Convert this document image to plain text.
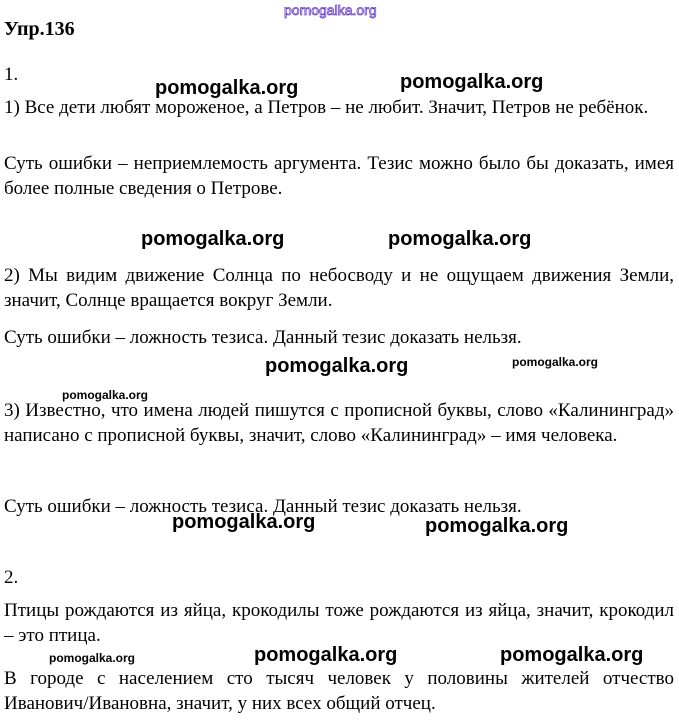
Упр.136
1.

1) Все дети любят мороженое, а Петров – не любит. Значит, Петров не ребёнок.

Суть ошибки – неприемлемость аргумента. Тезис можно было бы доказать, имея более полные сведения о Петрове.

2) Мы видим движение Солнца по небосводу и не ощущаем движения Земли, значит, Солнце вращается вокруг Земли.

Суть ошибки – ложность тезиса. Данный тезис доказать нельзя.

3) Известно, что имена людей пишутся с прописной буквы, слово «Калининград» написано с прописной буквы, значит, слово «Калининград» – имя человека.

Суть ошибки – ложность тезиса. Данный тезис доказать нельзя.

2.

Птицы рождаются из яйца, крокодилы тоже рождаются из яйца, значит, крокодил – это птица.

В городе с населением сто тысяч человек у половины жителей отчество Иванович/Ивановна, значит, у них всех общий отчец.

pomogalka.org
pomogalka.org	pomogalka.org
pomogalka.org	pomogalka.org
pomogalka.org	pomogalka.org
pomogalka.org
pomogalka.org	pomogalka.org
pomogalka.org	pomogalka.org	pomogalka.org
